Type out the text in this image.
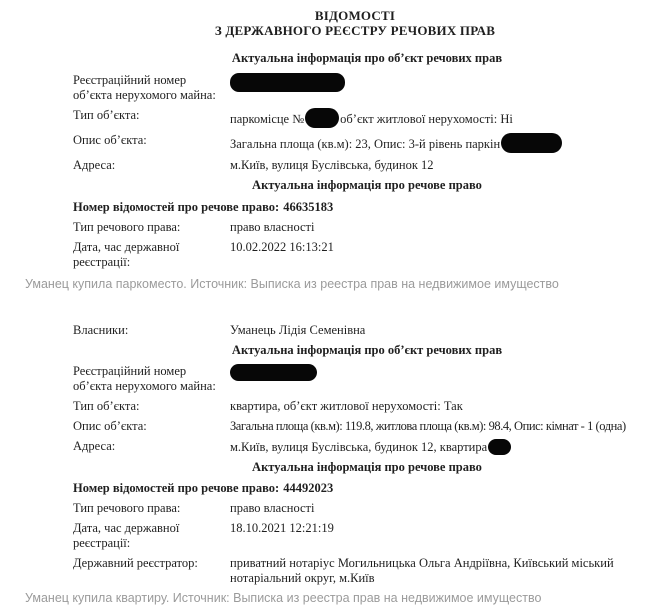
ВІДОМОСТІ
З ДЕРЖАВНОГО РЕЄСТРУ РЕЧОВИХ ПРАВ
Актуальна інформація про об’єкт речових прав
Реєстраційний номер об’єкта нерухомого майна:
Тип об’єкта:	паркомісце №	об’єкт житлової нерухомості: Ні
Опис об’єкта:	Загальна площа (кв.м): 23, Опис: 3-й рівень паркін
Адреса:	м.Київ, вулиця Буслівська, будинок 12
Актуальна інформація про речове право
Номер відомостей про речове право: 46635183
Тип речового права:	право власності
Дата, час державної реєстрації:
10.02.2022 16:13:21
Уманец купила паркоместо. Источник: Выписка из реестра прав на недвижимое имущество
Власники:	Уманець Лідія Семенівна
Актуальна інформація про об’єкт речових прав
Реєстраційний номер об’єкта нерухомого майна:
Тип об’єкта:	квартира, об’єкт житлової нерухомості: Так
Опис об’єкта:	Загальна площа (кв.м): 119.8, житлова площа (кв.м): 98.4, Опис: кімнат - 1 (одна)
Адреса:	м.Київ, вулиця Буслівська, будинок 12, квартира
Актуальна інформація про речове право
Номер відомостей про речове право: 44492023
Тип речового права:	право власності
Дата, час державної реєстрації:
18.10.2021 12:21:19
Державний реєстратор:	приватний нотаріус Могильницька Ольга Андріївна, Київський міський нотаріальний округ, м.Київ
Уманец купила квартиру. Источник: Выписка из реестра прав на недвижимое имущество
